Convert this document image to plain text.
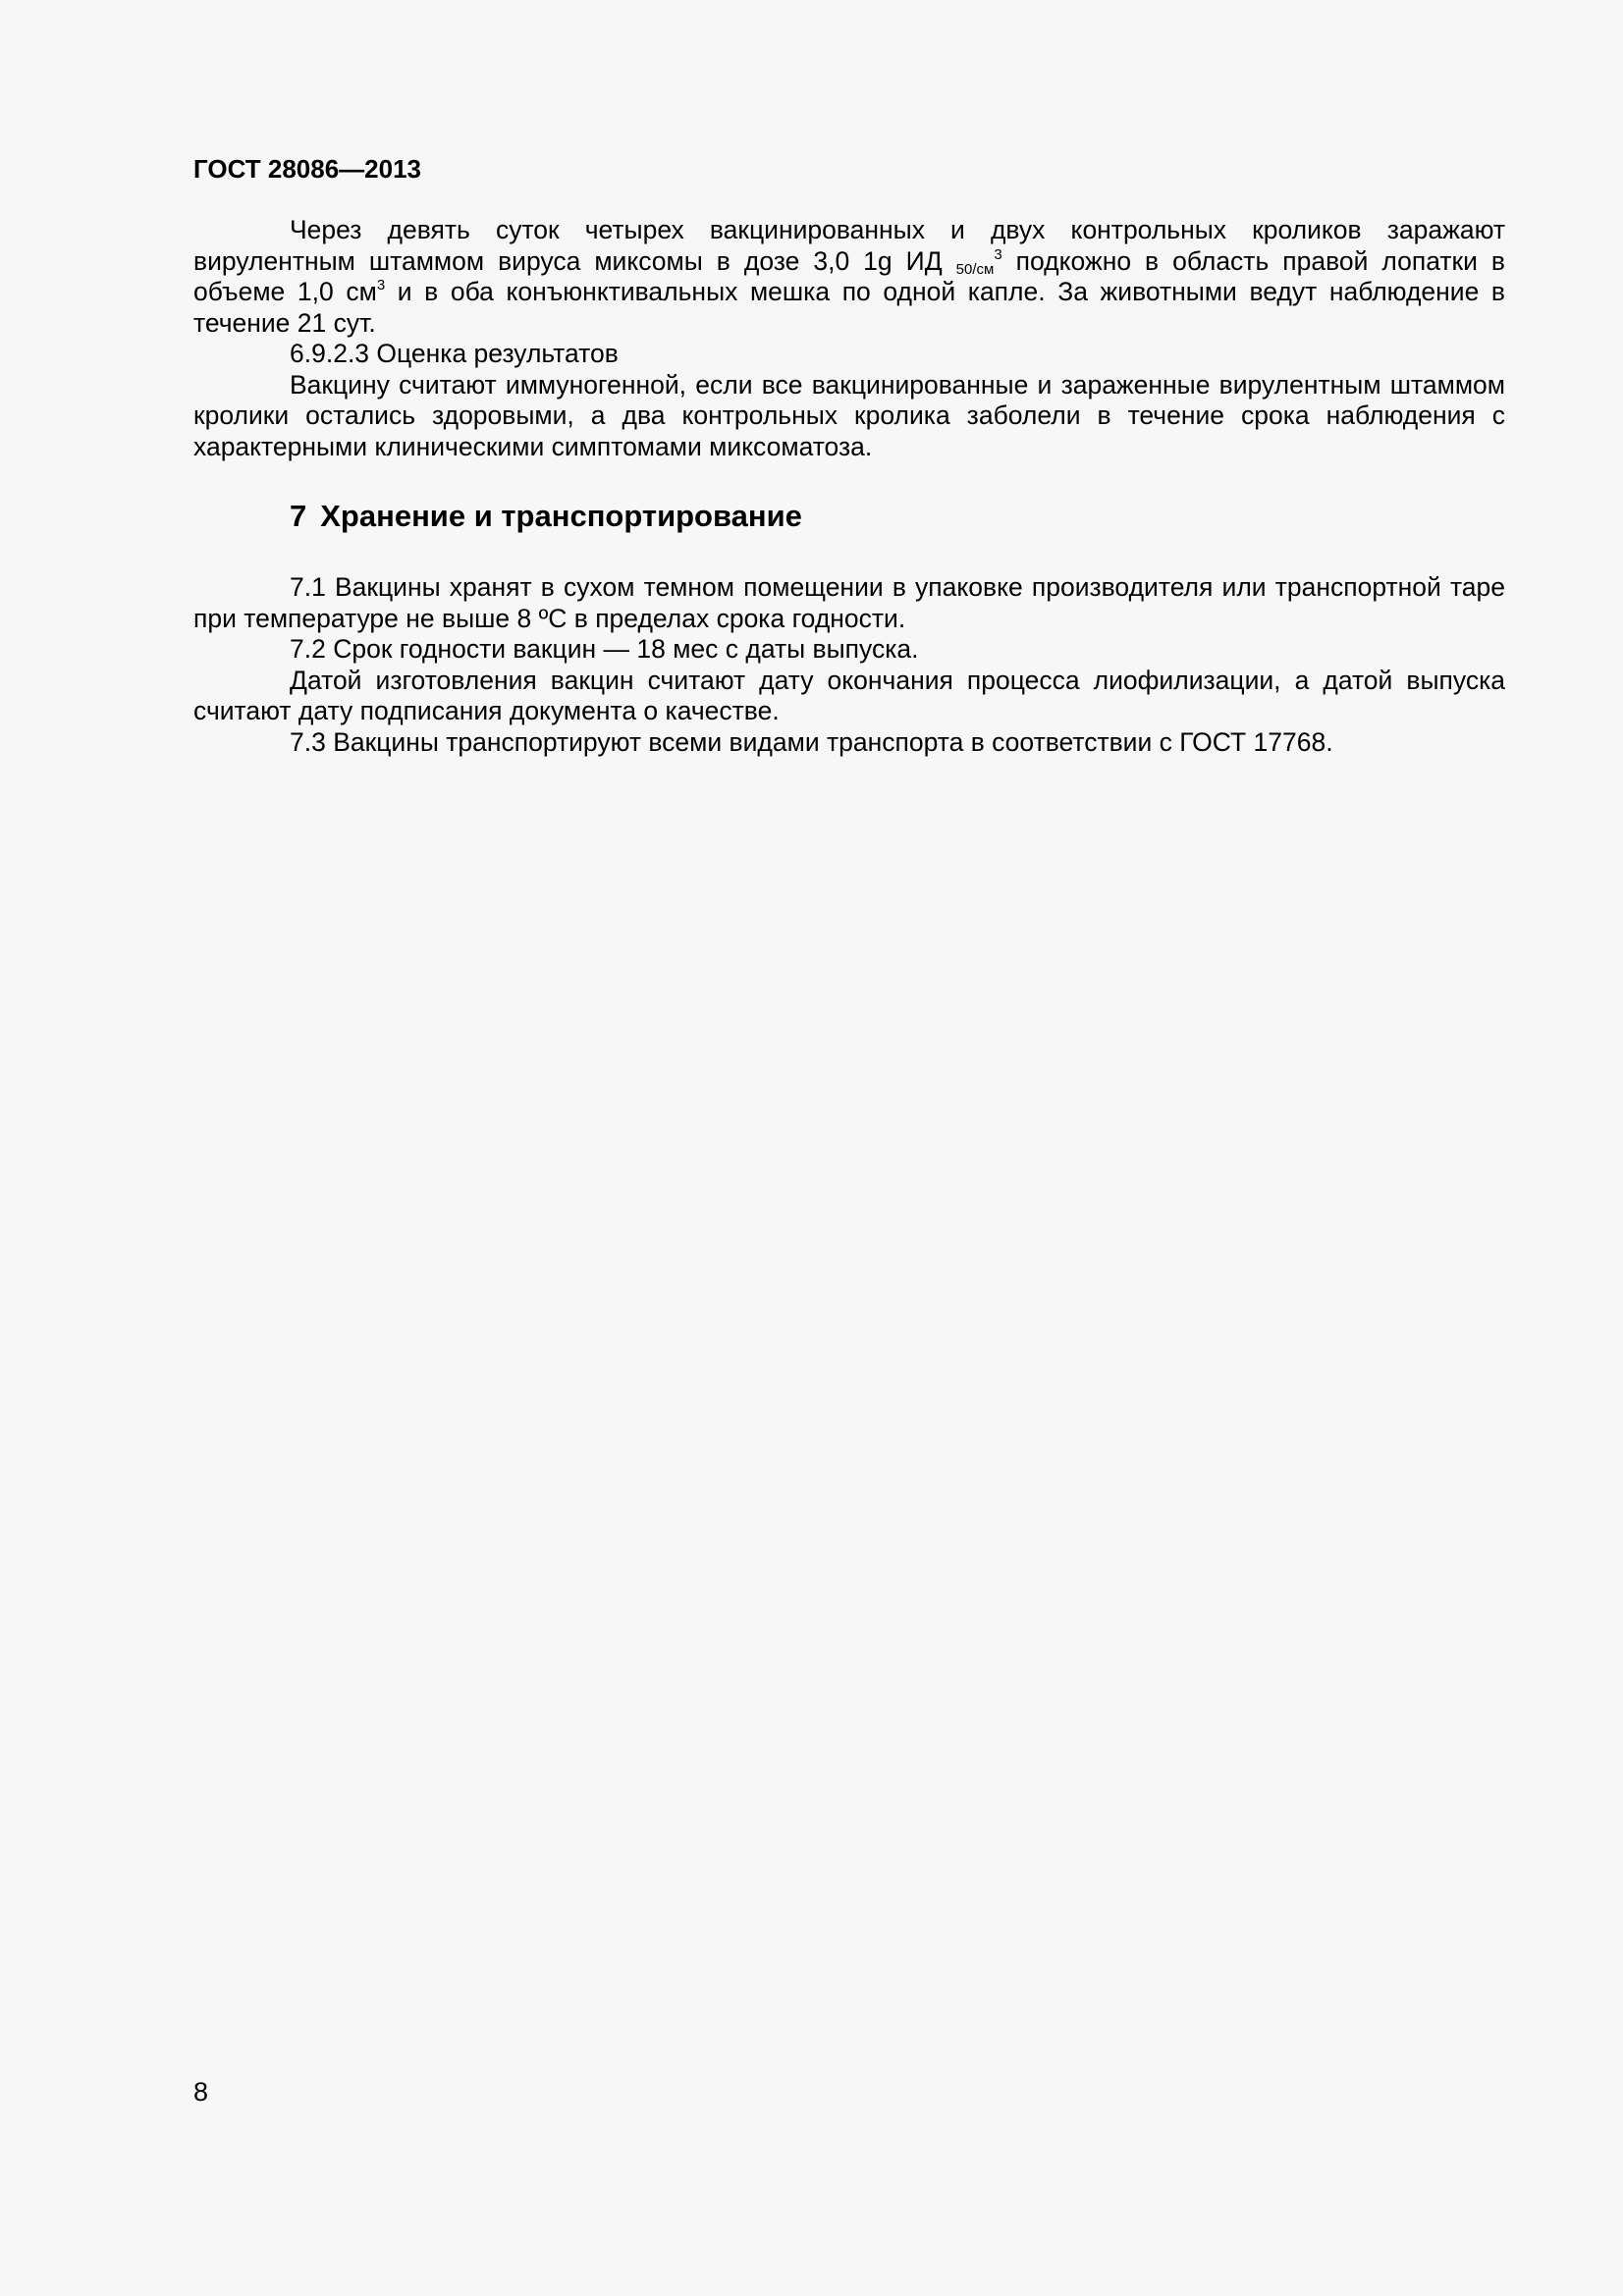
ГОСТ 28086—2013

Через девять суток четырех вакцинированных и двух контрольных кроликов заражают вирулентным штаммом вируса миксомы в дозе 3,0 1g ИД $_{50/см}^3$ подкожно в область правой лопатки в объеме 1,0 $см^3$ и в оба конъюнктивальных мешка по одной капле. За животными ведут наблюдение в течение 21 сут.

6.9.2.3 Оценка результатов

Вакцину считают иммуногенной, если все вакцинированные и зараженные вирулентным штаммом кролики остались здоровыми, а два контрольных кролика заболели в течение срока наблюдения с характерными клиническими симптомами миксоматоза.

7 Хранение и транспортирование

7.1 Вакцины хранят в сухом темном помещении в упаковке производителя или транспортной таре при температуре не выше 8 ºС в пределах срока годности.

7.2 Срок годности вакцин — 18 мес с даты выпуска.

Датой изготовления вакцин считают дату окончания процесса лиофилизации, а датой выпуска считают дату подписания документа о качестве.

7.3 Вакцины транспортируют всеми видами транспорта в соответствии с ГОСТ 17768.

8
